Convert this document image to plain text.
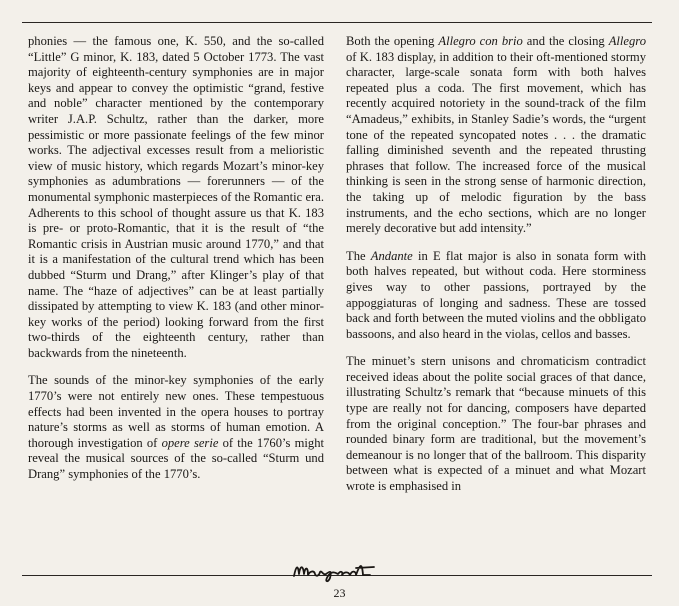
phonies — the famous one, K. 550, and the so-called “Little” G minor, K. 183, dated 5 October 1773. The vast majority of eighteenth-century symphonies are in major keys and appear to convey the optimistic “grand, festive and noble” character mentioned by the contemporary writer J.A.P. Schultz, rather than the darker, more pessimistic or more passionate feelings of the few minor works. The adjectival excesses result from a melioristic view of music history, which regards Mozart’s minor-key symphonies as adumbrations — forerunners — of the monumental symphonic masterpieces of the Romantic era. Adherents to this school of thought assure us that K. 183 is pre- or proto-Romantic, that it is the result of “the Romantic crisis in Austrian music around 1770,” and that it is a manifestation of the cultural trend which has been dubbed “Sturm und Drang,” after Klinger’s play of that name. The “haze of adjectives” can be at least partially dissipated by attempting to view K. 183 (and other minor-key works of the period) looking forward from the first two-thirds of the eighteenth century, rather than backwards from the nineteenth.

The sounds of the minor-key symphonies of the early 1770’s were not entirely new ones. These tempestuous effects had been invented in the opera houses to portray nature’s storms as well as storms of human emotion. A thorough investigation of opere serie of the 1760’s might reveal the musical sources of the so-called “Sturm und Drang” symphonies of the 1770’s.

Both the opening Allegro con brio and the closing Allegro of K. 183 display, in addition to their oft-mentioned stormy character, large-scale sonata form with both halves repeated plus a coda. The first movement, which has recently acquired notoriety in the sound-track of the film “Amadeus,” exhibits, in Stanley Sadie’s words, the “urgent tone of the repeated syncopated notes . . . the dramatic falling diminished seventh and the repeated thrusting phrases that follow. The increased force of the musical thinking is seen in the strong sense of harmonic direction, the taking up of melodic figuration by the bass instruments, and the echo sections, which are no longer merely decorative but add intensity.”

The Andante in E flat major is also in sonata form with both halves repeated, but without coda. Here storminess gives way to other passions, portrayed by the appoggiaturas of longing and sadness. These are tossed back and forth between the muted violins and the obbligato bassoons, and also heard in the violas, cellos and basses.

The minuet’s stern unisons and chromaticism contradict received ideas about the polite social graces of that dance, illustrating Schultz’s remark that “because minuets of this type are really not for dancing, composers have departed from the original conception.” The four-bar phrases and rounded binary form are traditional, but the movement’s demeanour is no longer that of the ballroom. This disparity between what is expected of a minuet and what Mozart wrote is emphasised in

23
